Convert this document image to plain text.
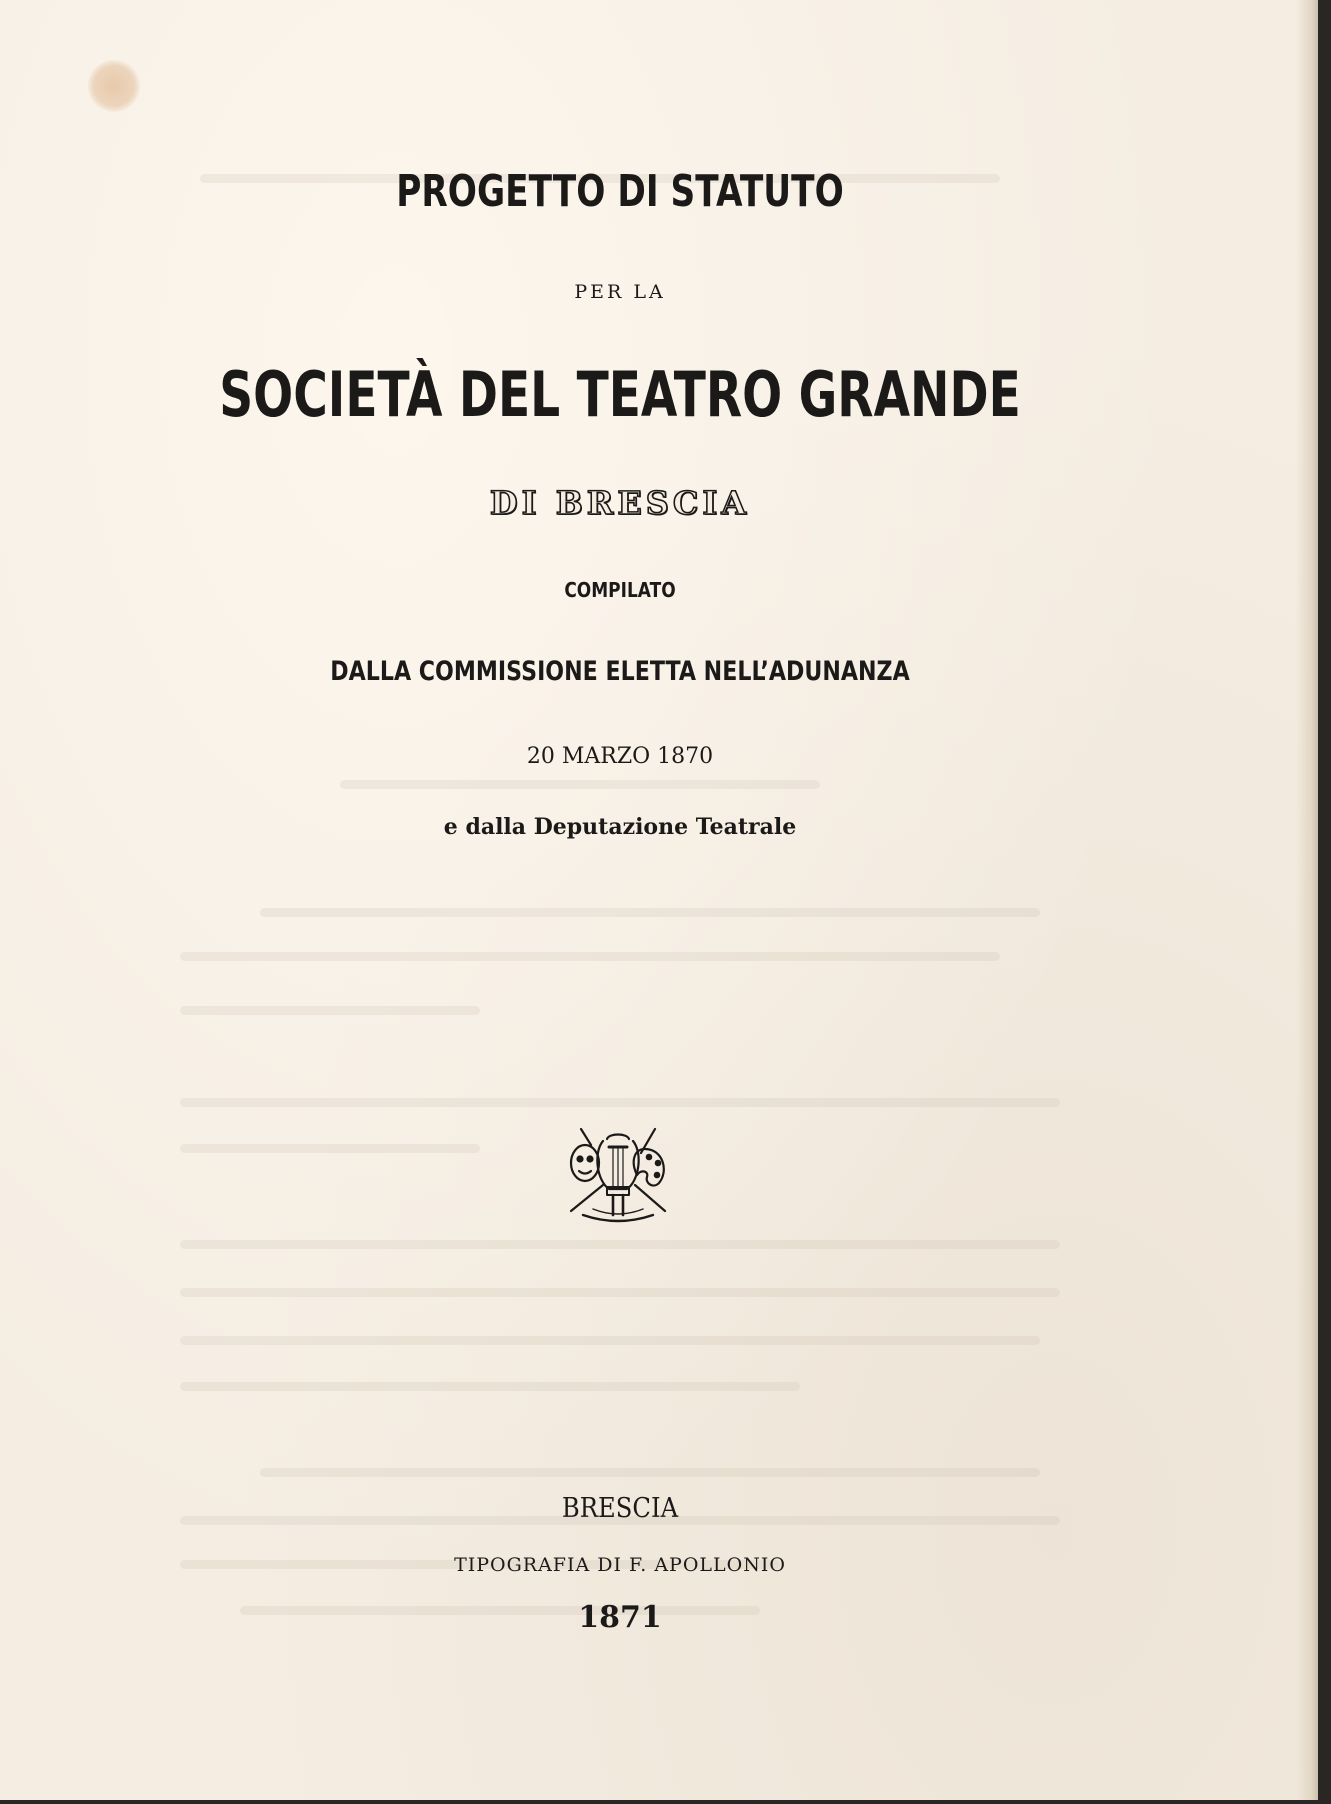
PROGETTO DI STATUTO
PER LA
SOCIETÀ DEL TEATRO GRANDE
DI BRESCIA
COMPILATO
DALLA COMMISSIONE ELETTA NELL’ADUNANZA
20 MARZO 1870
e dalla Deputazione Teatrale
BRESCIA
TIPOGRAFIA DI F. APOLLONIO
1871
